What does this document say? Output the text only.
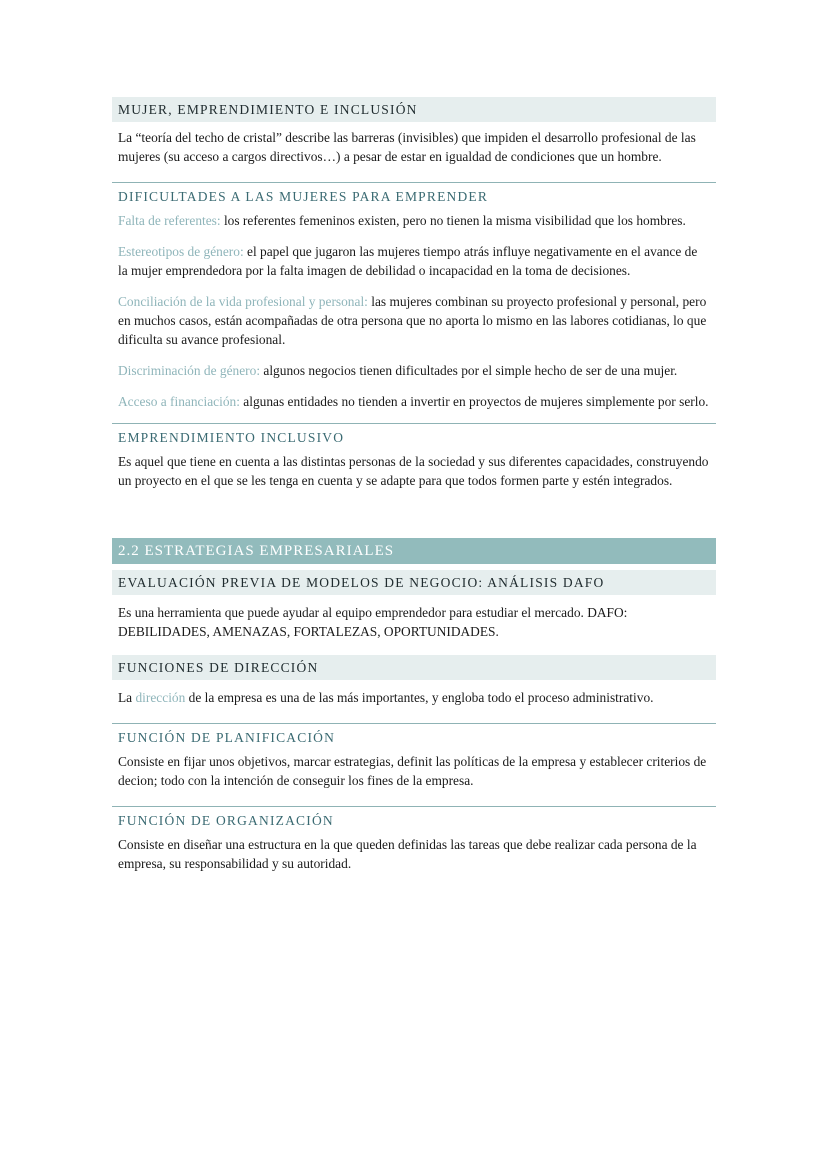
MUJER, EMPRENDIMIENTO E INCLUSIÓN

La “teoría del techo de cristal” describe las barreras (invisibles) que impiden el desarrollo profesional de las mujeres (su acceso a cargos directivos…) a pesar de estar en igualdad de condiciones que un hombre.

DIFICULTADES A LAS MUJERES PARA EMPRENDER

Falta de referentes: los referentes femeninos existen, pero no tienen la misma visibilidad que los hombres.

Estereotipos de género: el papel que jugaron las mujeres tiempo atrás influye negativamente en el avance de la mujer emprendedora por la falta imagen de debilidad o incapacidad en la toma de decisiones.

Conciliación de la vida profesional y personal: las mujeres combinan su proyecto profesional y personal, pero en muchos casos, están acompañadas de otra persona que no aporta lo mismo en las labores cotidianas, lo que dificulta su avance profesional.

Discriminación de género: algunos negocios tienen dificultades por el simple hecho de ser de una mujer.

Acceso a financiación: algunas entidades no tienden a invertir en proyectos de mujeres simplemente por serlo.

EMPRENDIMIENTO INCLUSIVO

Es aquel que tiene en cuenta a las distintas personas de la sociedad y sus diferentes capacidades, construyendo un proyecto en el que se les tenga en cuenta y se adapte para que todos formen parte y estén integrados.

2.2 ESTRATEGIAS EMPRESARIALES
EVALUACIÓN PREVIA DE MODELOS DE NEGOCIO: ANÁLISIS DAFO

Es una herramienta que puede ayudar al equipo emprendedor para estudiar el mercado. DAFO: DEBILIDADES, AMENAZAS, FORTALEZAS, OPORTUNIDADES.

FUNCIONES DE DIRECCIÓN

La dirección de la empresa es una de las más importantes, y engloba todo el proceso administrativo.

FUNCIÓN DE PLANIFICACIÓN

Consiste en fijar unos objetivos, marcar estrategias, definit las políticas de la empresa y establecer criterios de decion; todo con la intención de conseguir los fines de la empresa.

FUNCIÓN DE ORGANIZACIÓN

Consiste en diseñar una estructura en la que queden definidas las tareas que debe realizar cada persona de la empresa, su responsabilidad y su autoridad.
